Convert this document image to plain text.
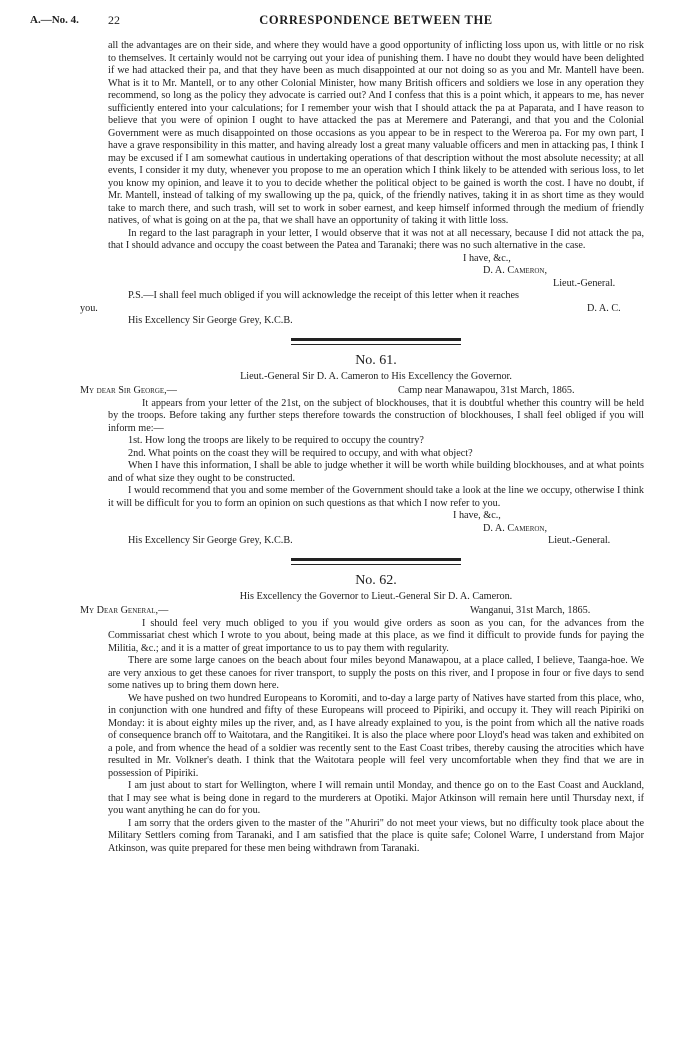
A.—No. 4. 22	CORRESPONDENCE BETWEEN THE

all the advantages are on their side, and where they would have a good opportunity of inflicting loss upon us, with little or no risk to themselves. It certainly would not be carrying out your idea of punishing them. I have no doubt they would have been delighted if we had attacked their pa, and that they have been as much disappointed at our not doing so as you and Mr. Mantell have been. What is it to Mr. Mantell, or to any other Colonial Minister, how many British officers and soldiers we lose in any operation they recommend, so long as the policy they advocate is carried out? And I confess that this is a point which, it appears to me, has never sufficiently entered into your calculations; for I remember your wish that I should attack the pa at Paparata, and I have reason to believe that you were of opinion I ought to have attacked the pas at Meremere and Paterangi, and that you and the Colonial Government were as much disappointed on those occasions as you appear to be in respect to the Wereroa pa. For my own part, I have a grave responsibility in this matter, and having already lost a great many valuable officers and men in attacking pas, I think I may be excused if I am somewhat cautious in undertaking operations of that description without the most absolute necessity; at all events, I consider it my duty, whenever you propose to me an operation which I think likely to be attended with serious loss, to let you know my opinion, and leave it to you to decide whether the political object to be gained is worth the cost. I have no doubt, if Mr. Mantell, instead of talking of my swallowing up the pa, quick, of the friendly natives, taking it in as short time as they would take to march there, and such trash, will set to work in sober earnest, and keep himself informed through the medium of friendly natives, of what is going on at the pa, that we shall have an opportunity of taking it with little loss.

In regard to the last paragraph in your letter, I would observe that it was not at all necessary, because I did not attack the pa, that I should advance and occupy the coast between the Patea and Taranaki; there was no such alternative in the case.

I have, &c.,
D. A. Cameron,
Lieut.-General.

P.S.—I shall feel much obliged if you will acknowledge the receipt of this letter when it reaches

you.	D. A. C.

His Excellency Sir George Grey, K.C.B.

No. 61.
Lieut.-General Sir D. A. Cameron to His Excellency the Governor.
My dear Sir George,—	Camp near Manawapou, 31st March, 1865.

It appears from your letter of the 21st, on the subject of blockhouses, that it is doubtful whether this country will be held by the troops. Before taking any further steps therefore towards the construction of blockhouses, I shall feel obliged if you will inform me:—

1st. How long the troops are likely to be required to occupy the country?

2nd. What points on the coast they will be required to occupy, and with what object?

When I have this information, I shall be able to judge whether it will be worth while building blockhouses, and at what points and of what size they ought to be constructed.

I would recommend that you and some member of the Government should take a look at the line we occupy, otherwise I think it will be difficult for you to form an opinion on such questions as that which I now refer to you.

I have, &c.,
D. A. Cameron,
His Excellency Sir George Grey, K.C.B.	Lieut.-General.
No. 62.
His Excellency the Governor to Lieut.-General Sir D. A. Cameron.
My Dear General,—	Wanganui, 31st March, 1865.

I should feel very much obliged to you if you would give orders as soon as you can, for the advances from the Commissariat chest which I wrote to you about, being made at this place, as we find it difficult to provide funds for paying the Militia, &c.; and it is a matter of great importance to us to pay them with regularity.

There are some large canoes on the beach about four miles beyond Manawapou, at a place called, I believe, Taanga-hoe. We are very anxious to get these canoes for river transport, to supply the posts on this river, and I propose in four or five days to send some natives up to bring them down here.

We have pushed on two hundred Europeans to Koromiti, and to-day a large party of Natives have started from this place, who, in conjunction with one hundred and fifty of these Europeans will proceed to Pipiriki, and occupy it. They will reach Pipiriki on Monday: it is about eighty miles up the river, and, as I have already explained to you, is the point from which all the native roads of consequence branch off to Waitotara, and the Rangitikei. It is also the place where poor Lloyd's head was taken and exhibited on a pole, and from whence the head of a soldier was recently sent to the East Coast tribes, thereby causing the atrocities which have resulted in Mr. Volkner's death. I think that the Waitotara people will feel very uncomfortable when they find that we are in possession of Pipiriki.

I am just about to start for Wellington, where I will remain until Monday, and thence go on to the East Coast and Auckland, that I may see what is being done in regard to the murderers at Opotiki. Major Atkinson will remain here until Thursday next, if you want anything he can do for you.

I am sorry that the orders given to the master of the "Ahuriri" do not meet your views, but no difficulty took place about the Military Settlers coming from Taranaki, and I am satisfied that the place is quite safe; Colonel Warre, I understand from Major Atkinson, was quite prepared for these men being withdrawn from Taranaki.
